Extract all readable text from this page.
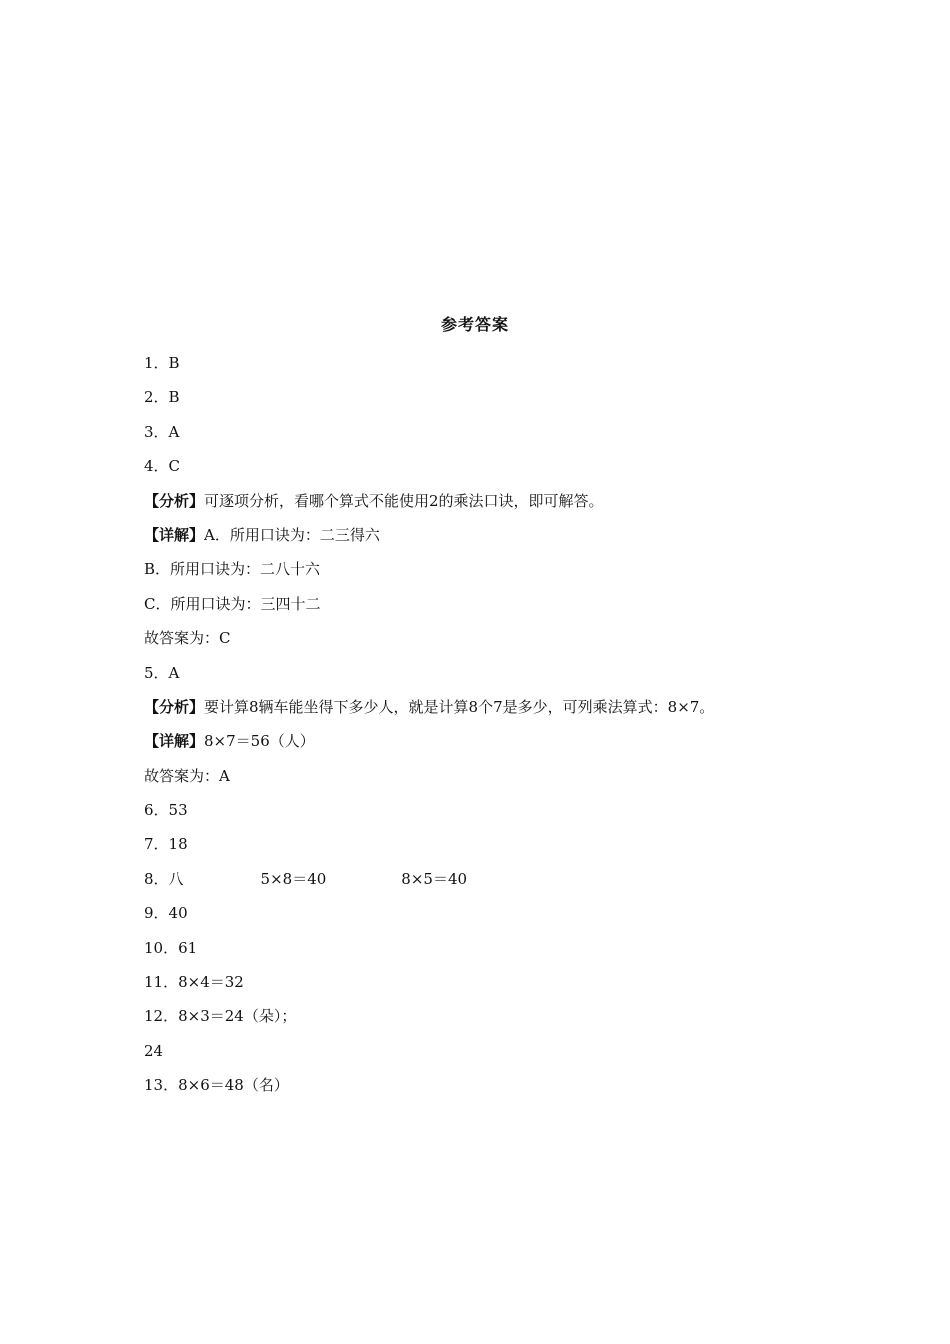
参考答案
1．B
2．B
3．A
4．C
【分析】可逐项分析，看哪个算式不能使用2的乘法口诀，即可解答。
【详解】A．所用口诀为：二三得六
B．所用口诀为：二八十六
C．所用口诀为：三四十二
故答案为：C
5．A
【分析】要计算8辆车能坐得下多少人，就是计算8个7是多少，可列乘法算式：8×7。
【详解】8×7＝56（人）
故答案为：A
6．53
7．18
8．八	5×8＝40	8×5＝40
9．40
10．61
11．8×4＝32
12．8×3＝24（朵）；
24
13．8×6＝48（名）
